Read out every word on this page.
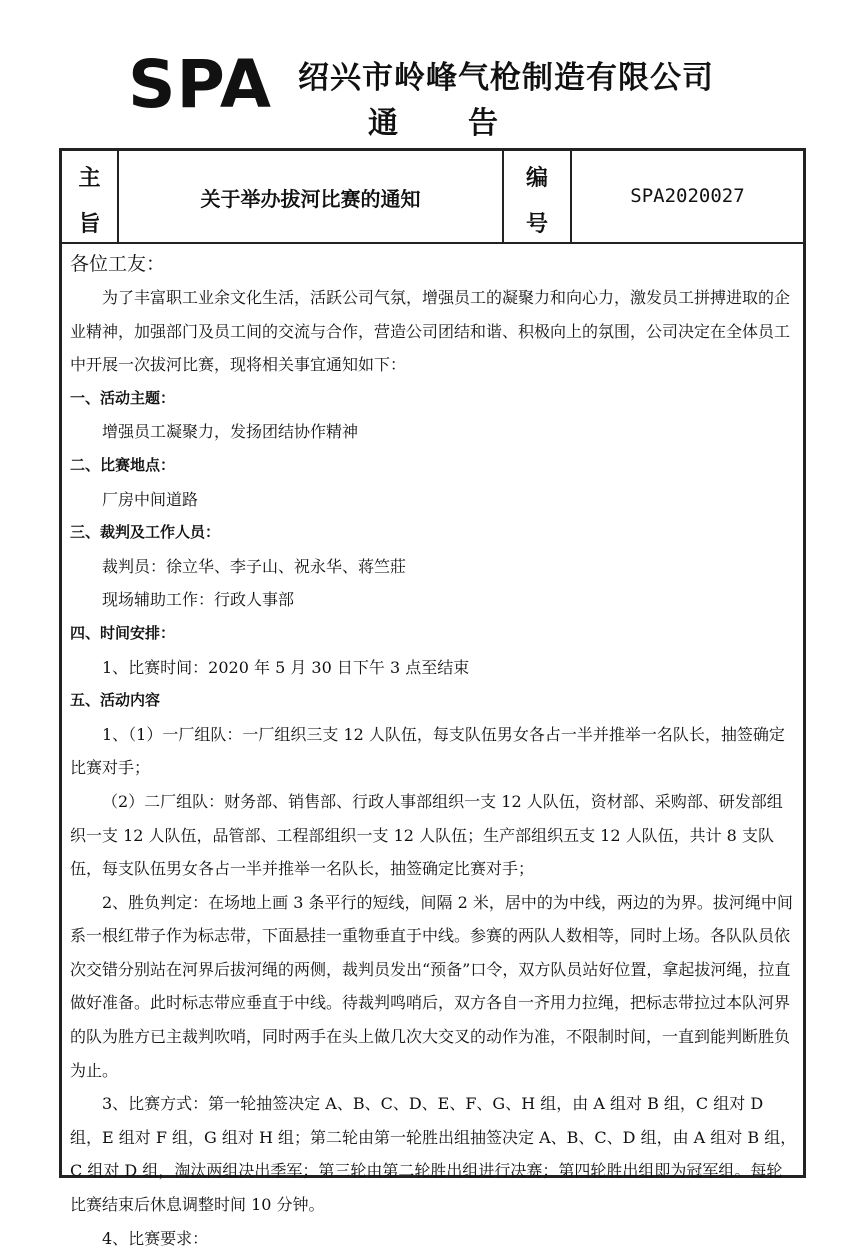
SPA 绍兴市岭峰气枪制造有限公司
通告
主
旨
关于举办拔河比赛的通知
编
号
SPA2020027

各位工友：

为了丰富职工业余文化生活，活跃公司气氛，增强员工的凝聚力和向心力，激发员工拼搏进取的企业精神，加强部门及员工间的交流与合作，营造公司团结和谐、积极向上的氛围，公司决定在全体员工中开展一次拔河比赛，现将相关事宜通知如下：

一、活动主题：

增强员工凝聚力，发扬团结协作精神

二、比赛地点：

厂房中间道路

三、裁判及工作人员：

裁判员：徐立华、李子山、祝永华、蒋竺莊

现场辅助工作：行政人事部

四、时间安排：

1、比赛时间：2020 年 5 月 30 日下午 3 点至结束

五、活动内容

1、（1）一厂组队：一厂组织三支 12 人队伍，每支队伍男女各占一半并推举一名队长，抽签确定比赛对手；

（2）二厂组队：财务部、销售部、行政人事部组织一支 12 人队伍，资材部、采购部、研发部组织一支 12 人队伍，品管部、工程部组织一支 12 人队伍；生产部组织五支 12 人队伍，共计 8 支队伍，每支队伍男女各占一半并推举一名队长，抽签确定比赛对手；

2、胜负判定：在场地上画 3 条平行的短线，间隔 2 米，居中的为中线，两边的为界。拔河绳中间系一根红带子作为标志带，下面悬挂一重物垂直于中线。参赛的两队人数相等，同时上场。各队队员依次交错分别站在河界后拔河绳的两侧，裁判员发出“预备”口令，双方队员站好位置，拿起拔河绳，拉直做好准备。此时标志带应垂直于中线。待裁判鸣哨后，双方各自一齐用力拉绳，把标志带拉过本队河界的队为胜方已主裁判吹哨，同时两手在头上做几次大交叉的动作为准，不限制时间，一直到能判断胜负为止。

3、比赛方式：第一轮抽签决定 A、B、C、D、E、F、G、H 组，由 A 组对 B 组，C 组对 D 组，E 组对 F 组，G 组对 H 组；第二轮由第一轮胜出组抽签决定 A、B、C、D 组，由 A 组对 B 组，C 组对 D 组，淘汰两组决出季军；第三轮由第二轮胜出组进行决赛；第四轮胜出组即为冠军组。每轮比赛结束后休息调整时间 10 分钟。

4、比赛要求：
